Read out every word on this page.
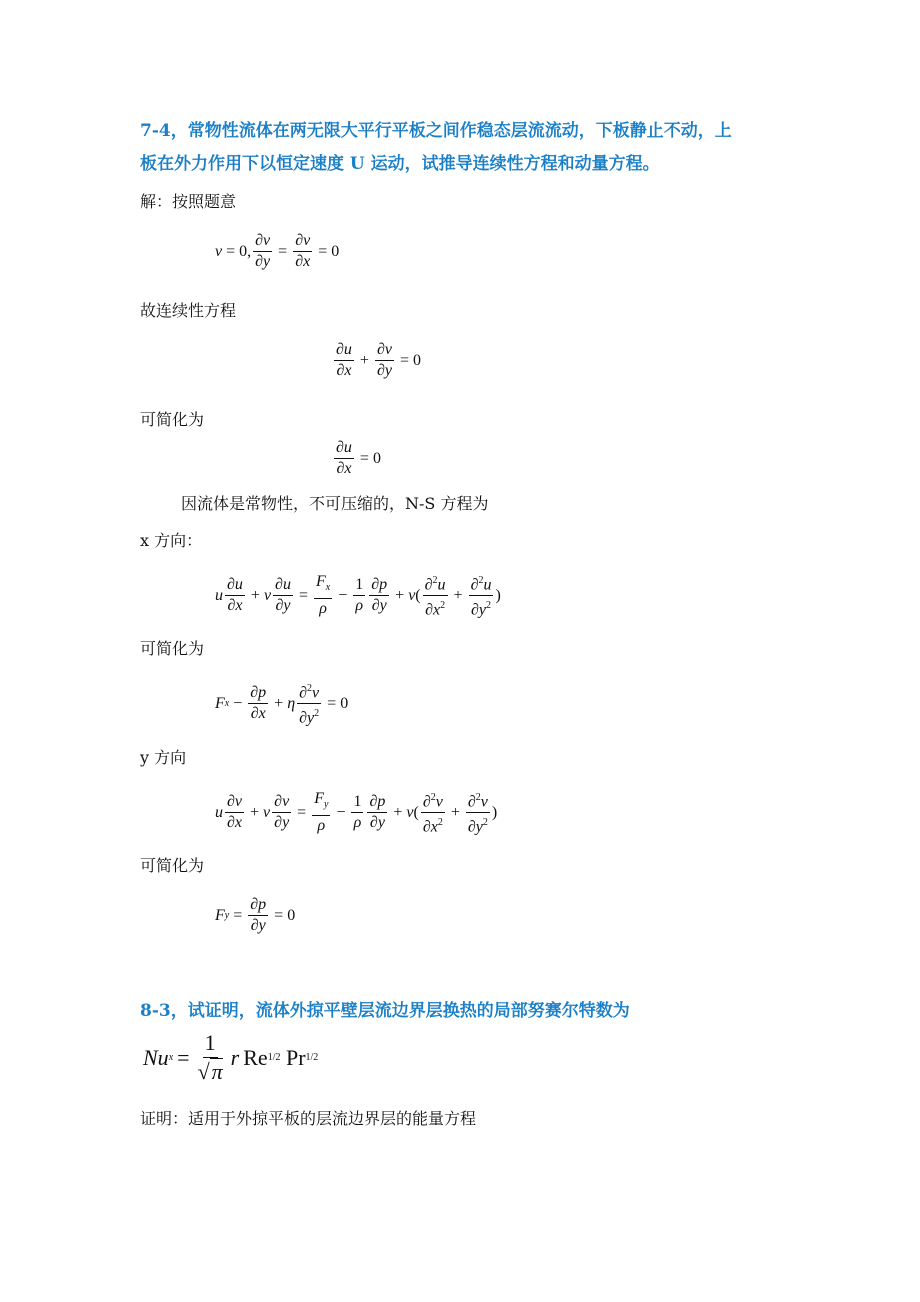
7-4，常物性流体在两无限大平行平板之间作稳态层流流动，下板静止不动，上
板在外力作用下以恒定速度 U 运动，试推导连续性方程和动量方程。
解：按照题意
v = 0, $\frac{\partial v}{\partial y} = \frac{\partial v}{\partial x} = 0$
故连续性方程
$\frac{\partial u}{\partial x} + \frac{\partial v}{\partial y} = 0$
可简化为
$\frac{\partial u}{\partial x} = 0$
因流体是常物性，不可压缩的，N-S 方程为
x 方向：
u $\frac{\partial u}{\partial x} + v \frac{\partial u}{\partial y} = \frac{F_x}{\rho} - \frac{1}{\rho} \frac{\partial p}{\partial y} + v$ ( $\frac{\partial^2u}{\partial x^2} + \frac{\partial^2u}{\partial y^2}$ )
可简化为
F $x - \frac{\partial p}{\partial x} + \eta \frac{\partial^2v}{\partial y^2} = 0$
y 方向
u $\frac{\partial v}{\partial x} + v \frac{\partial v}{\partial y} = \frac{F_y}{\rho} - \frac{1}{\rho} \frac{\partial p}{\partial y} + v$ ( $\frac{\partial^2v}{\partial x^2} + \frac{\partial^2v}{\partial y^2}$ )
可简化为
F $y = \frac{\partial p}{\partial y} = 0$
8-3，试证明，流体外掠平壁层流边界层换热的局部努赛尔特数为
Nu $x = \frac{1}{√\pi}$ r Re 1/2 Pr 1/2
证明：适用于外掠平板的层流边界层的能量方程
